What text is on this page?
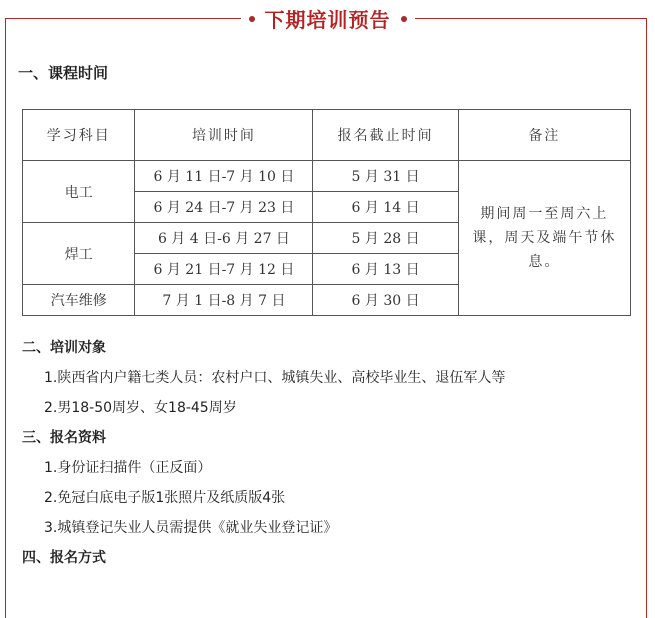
下期培训预告
一、课程时间
学习科目	培训时间	报名截止时间	备注
电工	6 月 11 日-7 月 10 日	5 月 31 日	期间周一至周六上课，周天及端午节休息。
	6 月 24 日-7 月 23 日	6 月 14 日	
焊工	6 月 4 日-6 月 27 日	5 月 28 日	
	6 月 21 日-7 月 12 日	6 月 13 日	
汽车维修	7 月 1 日-8 月 7 日	6 月 30 日	
二、培训对象
1.陕西省内户籍七类人员：农村户口、城镇失业、高校毕业生、退伍军人等
2.男18-50周岁、女18-45周岁
三、报名资料
1.身份证扫描件（正反面）
2.免冠白底电子版1张照片及纸质版4张
3.城镇登记失业人员需提供《就业失业登记证》
四、报名方式
